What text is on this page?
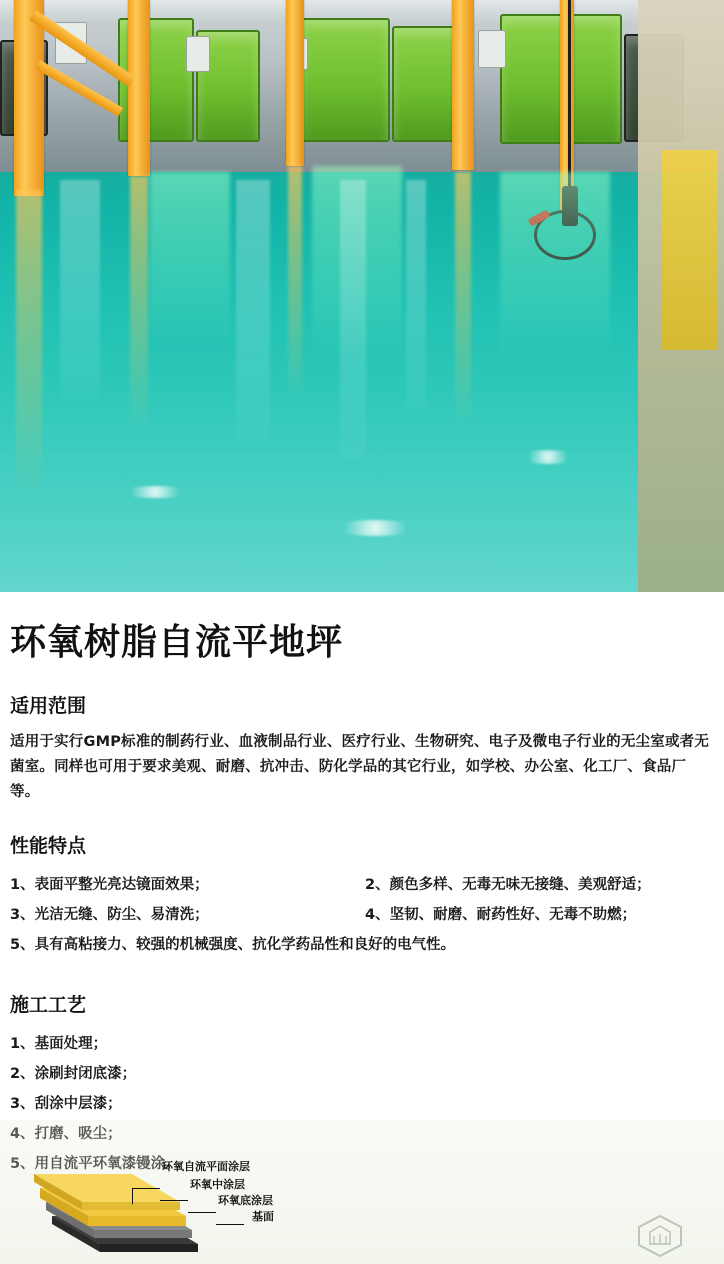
环氧树脂自流平地坪
适用范围

适用于实行GMP标准的制药行业、血液制品行业、医疗行业、生物研究、电子及微电子行业的无尘室或者无菌室。同样也可用于要求美观、耐磨、抗冲击、防化学品的其它行业，如学校、办公室、化工厂、食品厂等。

性能特点
1、表面平整光亮达镜面效果；	2、颜色多样、无毒无味无接缝、美观舒适；
3、光洁无缝、防尘、易清洗；	4、坚韧、耐磨、耐药性好、无毒不助燃；
5、具有高粘接力、较强的机械强度、抗化学药品性和良好的电气性。
施工工艺
1、基面处理；
2、涂刷封闭底漆；
3、刮涂中层漆；
4、打磨、吸尘；
5、用自流平环氧漆镘涂。
环氧自流平面涂层
环氧中涂层
环氧底涂层
基面
